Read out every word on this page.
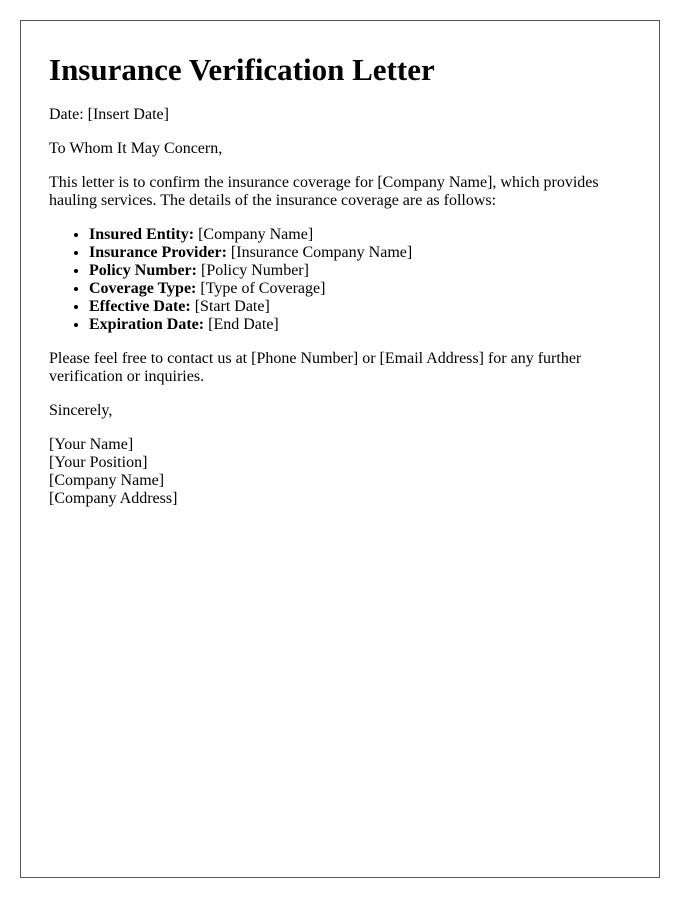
Insurance Verification Letter

Date: [Insert Date]

To Whom It May Concern,

This letter is to confirm the insurance coverage for [Company Name], which provides hauling services. The details of the insurance coverage are as follows:

• Insured Entity: [Company Name]
• Insurance Provider: [Insurance Company Name]
• Policy Number: [Policy Number]
• Coverage Type: [Type of Coverage]
• Effective Date: [Start Date]
• Expiration Date: [End Date]

Please feel free to contact us at [Phone Number] or [Email Address] for any further verification or inquiries.

Sincerely,

[Your Name]
[Your Position]
[Company Name]
[Company Address]
